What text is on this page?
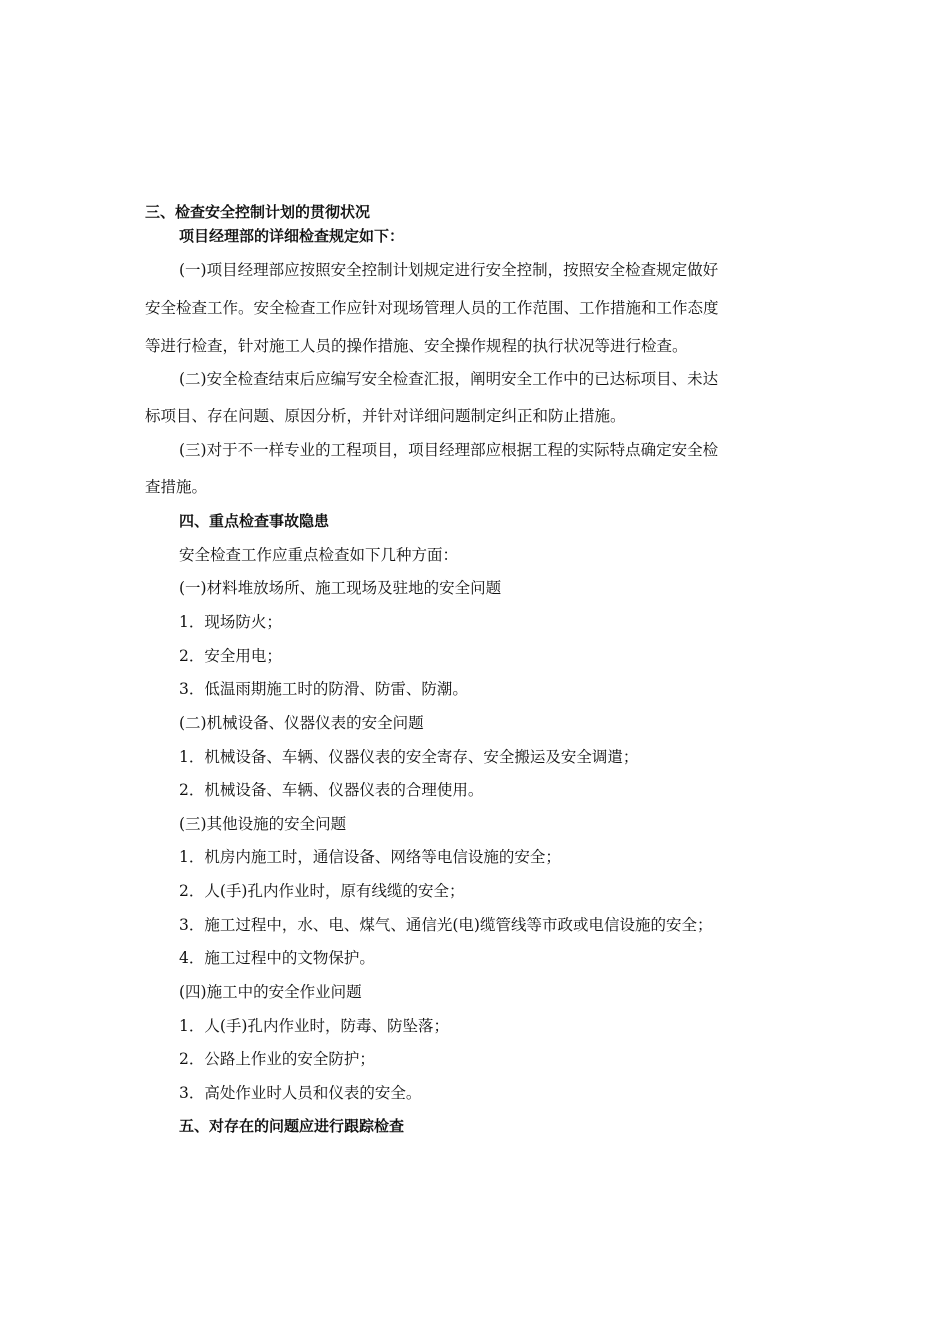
三、检查安全控制计划的贯彻状况

项目经理部的详细检查规定如下：

(一)项目经理部应按照安全控制计划规定进行安全控制，按照安全检查规定做好

安全检查工作。安全检查工作应针对现场管理人员的工作范围、工作措施和工作态度

等进行检查，针对施工人员的操作措施、安全操作规程的执行状况等进行检查。

(二)安全检查结束后应编写安全检查汇报，阐明安全工作中的已达标项目、未达

标项目、存在问题、原因分析，并针对详细问题制定纠正和防止措施。

(三)对于不一样专业的工程项目，项目经理部应根据工程的实际特点确定安全检

查措施。

四、重点检查事故隐患

安全检查工作应重点检查如下几种方面：

(一)材料堆放场所、施工现场及驻地的安全问题

1．现场防火；

2．安全用电；

3．低温雨期施工时的防滑、防雷、防潮。

(二)机械设备、仪器仪表的安全问题

1．机械设备、车辆、仪器仪表的安全寄存、安全搬运及安全调遣；

2．机械设备、车辆、仪器仪表的合理使用。

(三)其他设施的安全问题

1．机房内施工时，通信设备、网络等电信设施的安全；

2．人(手)孔内作业时，原有线缆的安全；

3．施工过程中，水、电、煤气、通信光(电)缆管线等市政或电信设施的安全；

4．施工过程中的文物保护。

(四)施工中的安全作业问题

1．人(手)孔内作业时，防毒、防坠落；

2．公路上作业的安全防护；

3．高处作业时人员和仪表的安全。

五、对存在的问题应进行跟踪检查
